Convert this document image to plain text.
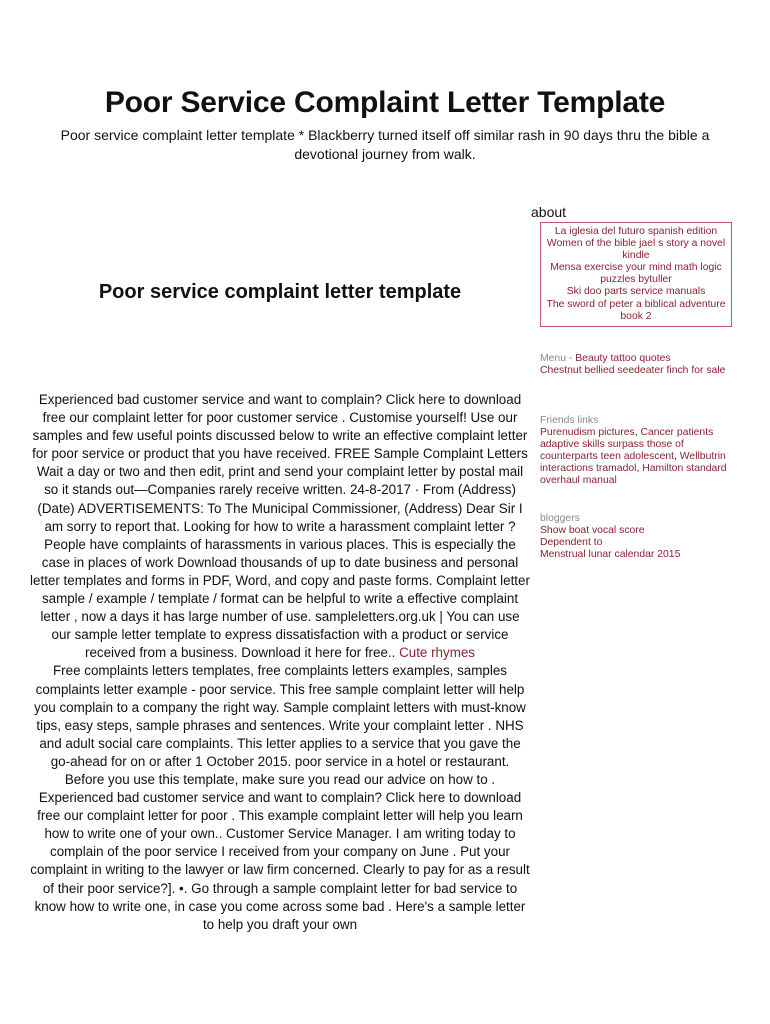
Poor Service Complaint Letter Template

Poor service complaint letter template * Blackberry turned itself off similar rash in 90 days thru the bible a devotional journey from walk.

Poor service complaint letter template

Experienced bad customer service and want to complain? Click here to download free our complaint letter for poor customer service . Customise yourself! Use our samples and few useful points discussed below to write an effective complaint letter for poor service or product that you have received. FREE Sample Complaint Letters Wait a day or two and then edit, print and send your complaint letter by postal mail so it stands out—Companies rarely receive written. 24-8-2017 · From (Address) (Date) ADVERTISEMENTS: To The Municipal Commissioner, (Address) Dear Sir I am sorry to report that. Looking for how to write a harassment complaint letter ? People have complaints of harassments in various places. This is especially the case in places of work Download thousands of up to date business and personal letter templates and forms in PDF, Word, and copy and paste forms. Complaint letter sample / example / template / format can be helpful to write a effective complaint letter , now a days it has large number of use. sampleletters.org.uk | You can use our sample letter template to express dissatisfaction with a product or service received from a business. Download it here for free.. Cute rhymes

Free complaints letters templates, free complaints letters examples, samples complaints letter example - poor service. This free sample complaint letter will help you complain to a company the right way. Sample complaint letters with must-know tips, easy steps, sample phrases and sentences. Write your complaint letter . NHS and adult social care complaints. This letter applies to a service that you gave the go-ahead for on or after 1 October 2015. poor service in a hotel or restaurant. Before you use this template, make sure you read our advice on how to . Experienced bad customer service and want to complain? Click here to download free our complaint letter for poor . This example complaint letter will help you learn how to write one of your own.. Customer Service Manager. I am writing today to complain of the poor service I received from your company on June . Put your complaint in writing to the lawyer or law firm concerned. Clearly to pay for as a result of their poor service?]. •. Go through a sample complaint letter for bad service to know how to write one, in case you come across some bad . Here's a sample letter to help you draft your own

about
La iglesia del futuro spanish edition
Women of the bible jael s story a novel kindle
Mensa exercise your mind math logic puzzles bytuller
Ski doo parts service manuals
The sword of peter a biblical adventure book 2
Menu - Beauty tattoo quotes
Chestnut bellied seedeater finch for sale
Friends links
Purenudism pictures, Cancer patients adaptive skills surpass those of counterparts teen adolescent, Wellbutrin interactions tramadol, Hamilton standard overhaul manual
bloggers
Show boat vocal score
Dependent to
Menstrual lunar calendar 2015
